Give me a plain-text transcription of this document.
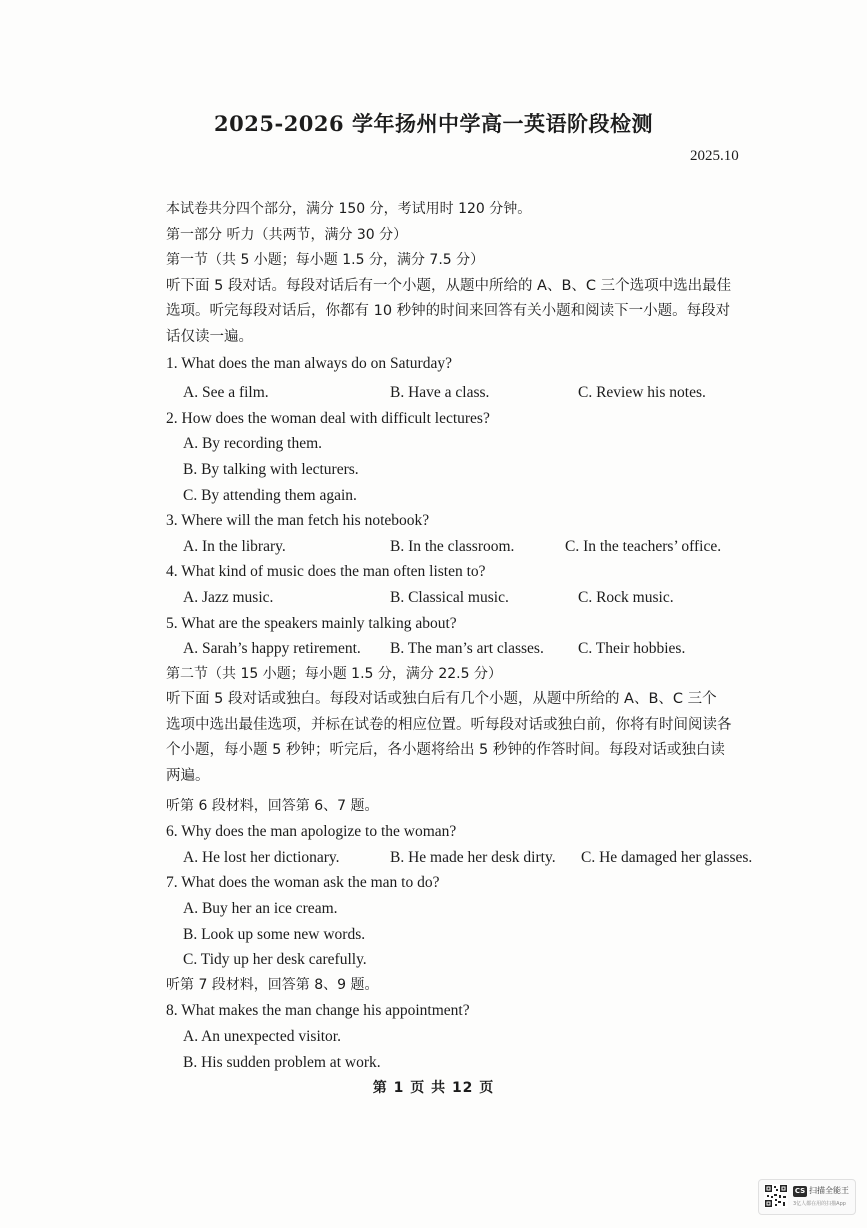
2025-2026 学年扬州中学高一英语阶段检测
2025.10
本试卷共分四个部分，满分 150 分，考试用时 120 分钟。
第一部分 听力（共两节，满分 30 分）
第一节（共 5 小题；每小题 1.5 分，满分 7.5 分）
听下面 5 段对话。每段对话后有一个小题，从题中所给的 A、B、C 三个选项中选出最佳
选项。听完每段对话后，你都有 10 秒钟的时间来回答有关小题和阅读下一小题。每段对
话仅读一遍。
1. What does the man always do on Saturday?
A. See a film.	B. Have a class.	C. Review his notes.
2. How does the woman deal with difficult lectures?
A. By recording them.
B. By talking with lecturers.
C. By attending them again.
3. Where will the man fetch his notebook?
A. In the library.	B. In the classroom.	C. In the teachers’ office.
4. What kind of music does the man often listen to?
A. Jazz music.	B. Classical music.	C. Rock music.
5. What are the speakers mainly talking about?
A. Sarah’s happy retirement. B. The man’s art classes. C. Their hobbies.
第二节（共 15 小题；每小题 1.5 分，满分 22.5 分）
听下面 5 段对话或独白。每段对话或独白后有几个小题，从题中所给的 A、B、C 三个
选项中选出最佳选项，并标在试卷的相应位置。听每段对话或独白前，你将有时间阅读各
个小题，每小题 5 秒钟；听完后，各小题将给出 5 秒钟的作答时间。每段对话或独白读
两遍。
听第 6 段材料，回答第 6、7 题。
6. Why does the man apologize to the woman?
A. He lost her dictionary.	B. He made her desk dirty. C. He damaged her glasses.
7. What does the woman ask the man to do?
A. Buy her an ice cream.
B. Look up some new words.
C. Tidy up her desk carefully.
听第 7 段材料，回答第 8、9 题。
8. What makes the man change his appointment?
A. An unexpected visitor.
B. His sudden problem at work.
第 1 页 共 12 页
CS 扫描全能王
3亿人都在用的扫描App
